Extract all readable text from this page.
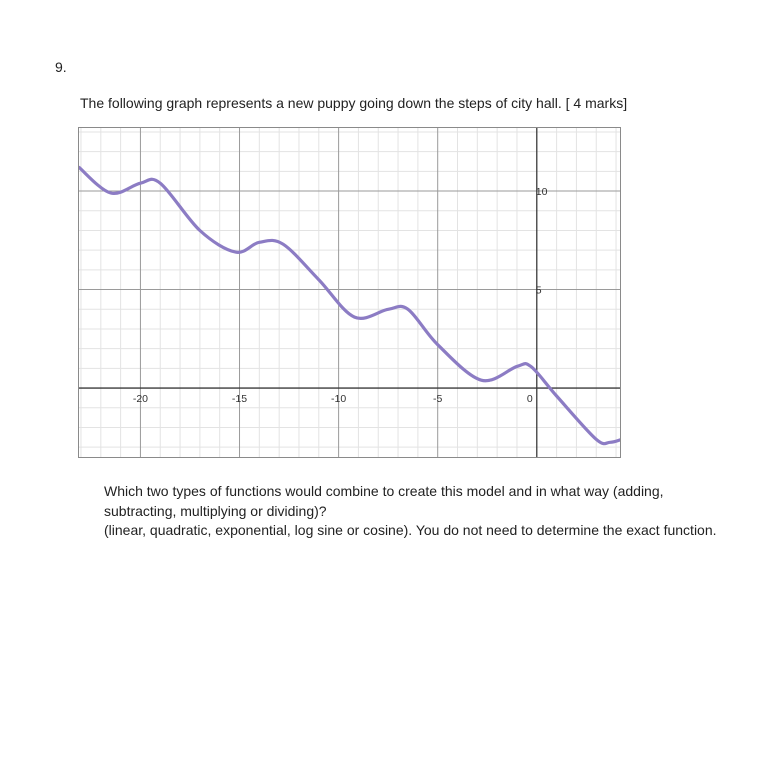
9.
The following graph represents a new puppy going down the steps of city hall. [ 4 marks]
-20	-15	-10	-5	0
5
10

Which two types of functions would combine to create this model and in what way (adding, subtracting, multiplying or dividing)?

(linear, quadratic, exponential, log sine or cosine). You do not need to determine the exact function.
